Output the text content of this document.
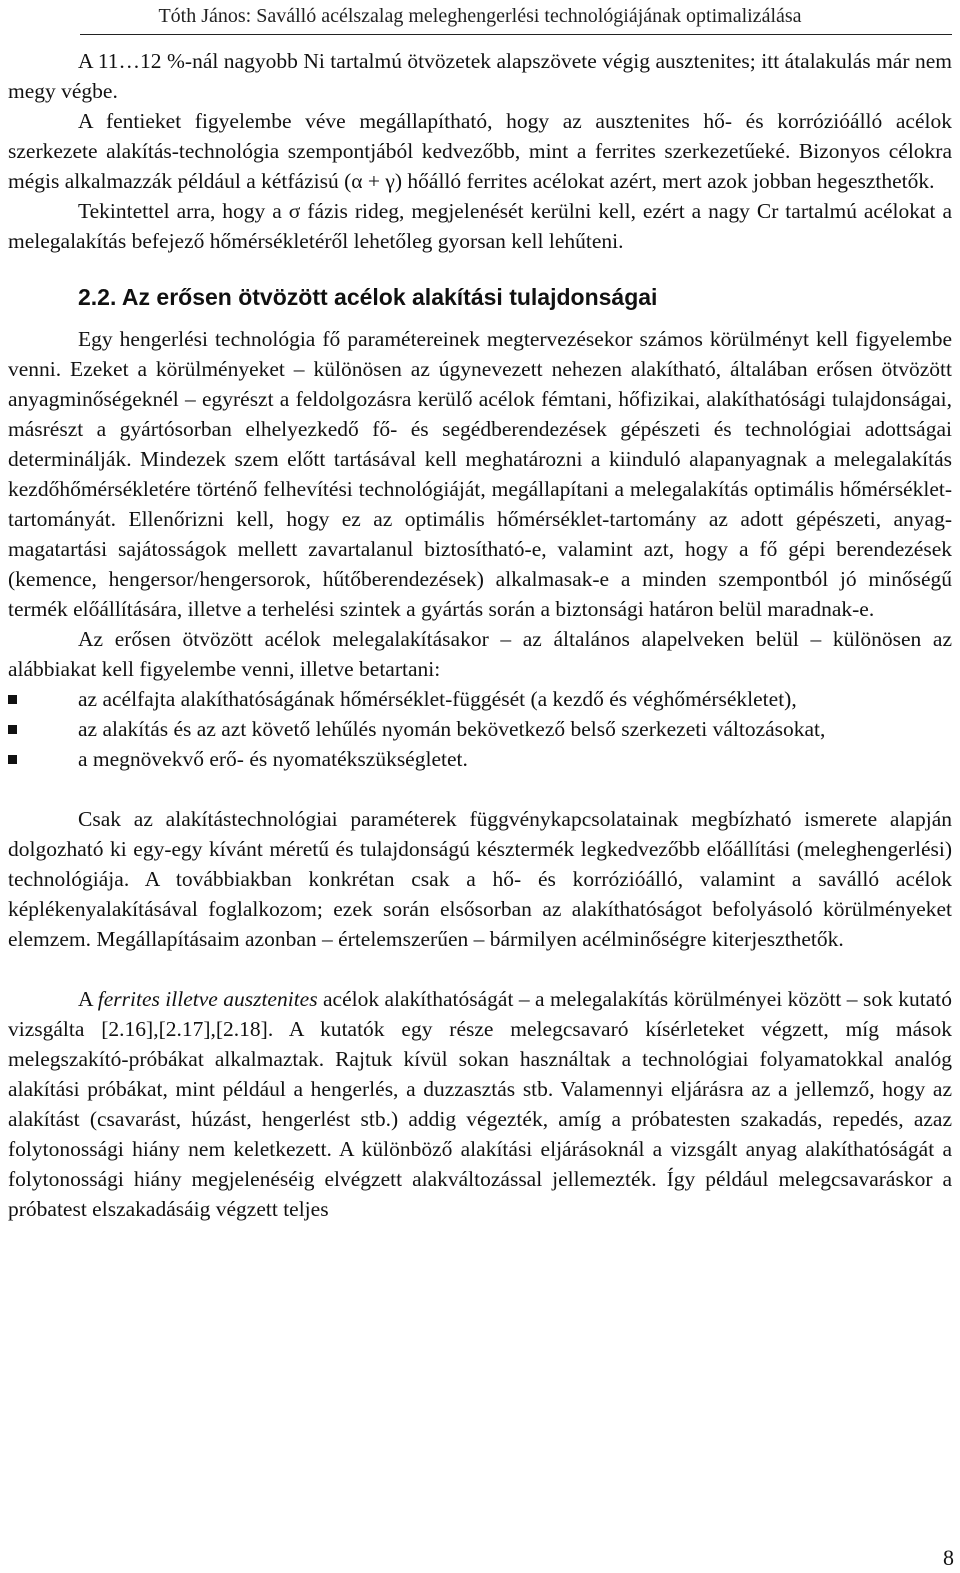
Tóth János: Saválló acélszalag meleghengerlési technológiájának optimalizálása

A 11…12 %-nál nagyobb Ni tartalmú ötvözetek alapszövete végig ausztenites; itt átalakulás már nem megy végbe.

A fentieket figyelembe véve megállapítható, hogy az ausztenites hő- és korrózióálló acélok szerkezete alakítás-technológia szempontjából kedvezőbb, mint a ferrites szerkezetűeké. Bizonyos célokra mégis alkalmazzák például a kétfázisú (α + γ) hőálló ferrites acélokat azért, mert azok jobban hegeszthetők.

Tekintettel arra, hogy a σ fázis rideg, megjelenését kerülni kell, ezért a nagy Cr tartalmú acélokat a melegalakítás befejező hőmérsékletéről lehetőleg gyorsan kell lehűteni.

2.2. Az erősen ötvözött acélok alakítási tulajdonságai

Egy hengerlési technológia fő paramétereinek megtervezésekor számos körülményt kell figyelembe venni. Ezeket a körülményeket – különösen az úgynevezett nehezen alakítható, általában erősen ötvözött anyagminőségeknél – egyrészt a feldolgozásra kerülő acélok fémtani, hőfizikai, alakíthatósági tulajdonságai, másrészt a gyártósorban elhelyezkedő fő- és segédberendezések gépészeti és technológiai adottságai determinálják. Mindezek szem előtt tartásával kell meghatározni a kiinduló alapanyagnak a melegalakítás kezdőhőmérsékletére történő felhevítési technológiáját, megállapítani a melegalakítás optimális hőmérséklet-tartományát. Ellenőrizni kell, hogy ez az optimális hőmérséklet-tartomány az adott gépészeti, anyag-magatartási sajátosságok mellett zavartalanul biztosítható-e, valamint azt, hogy a fő gépi berendezések (kemence, hengersor/hengersorok, hűtőberendezések) alkalmasak-e a minden szempontból jó minőségű termék előállítására, illetve a terhelési szintek a gyártás során a biztonsági határon belül maradnak-e.

Az erősen ötvözött acélok melegalakításakor – az általános alapelveken belül – különösen az alábbiakat kell figyelembe venni, illetve betartani:

az acélfajta alakíthatóságának hőmérséklet-függését (a kezdő és véghőmérsékletet),
az alakítás és az azt követő lehűlés nyomán bekövetkező belső szerkezeti változásokat,
a megnövekvő erő- és nyomatékszükségletet.

Csak az alakítástechnológiai paraméterek függvénykapcsolatainak megbízható ismerete alapján dolgozható ki egy-egy kívánt méretű és tulajdonságú késztermék legkedvezőbb előállítási (meleghengerlési) technológiája. A továbbiakban konkrétan csak a hő- és korrózióálló, valamint a saválló acélok képlékenyalakításával foglalkozom; ezek során elsősorban az alakíthatóságot befolyásoló körülményeket elemzem. Megállapításaim azonban – értelemszerűen – bármilyen acélminőségre kiterjeszthetők.

A ferrites illetve ausztenites acélok alakíthatóságát – a melegalakítás körülményei között – sok kutató vizsgálta [2.16],[2.17],[2.18]. A kutatók egy része melegcsavaró kísérleteket végzett, míg mások melegszakító-próbákat alkalmaztak. Rajtuk kívül sokan használtak a technológiai folyamatokkal analóg alakítási próbákat, mint például a hengerlés, a duzzasztás stb. Valamennyi eljárásra az a jellemző, hogy az alakítást (csavarást, húzást, hengerlést stb.) addig végezték, amíg a próbatesten szakadás, repedés, azaz folytonossági hiány nem keletkezett. A különböző alakítási eljárásoknál a vizsgált anyag alakíthatóságát a folytonossági hiány megjelenéséig elvégzett alakváltozással jellemezték. Így például melegcsavaráskor a próbatest elszakadásáig végzett teljes

8
